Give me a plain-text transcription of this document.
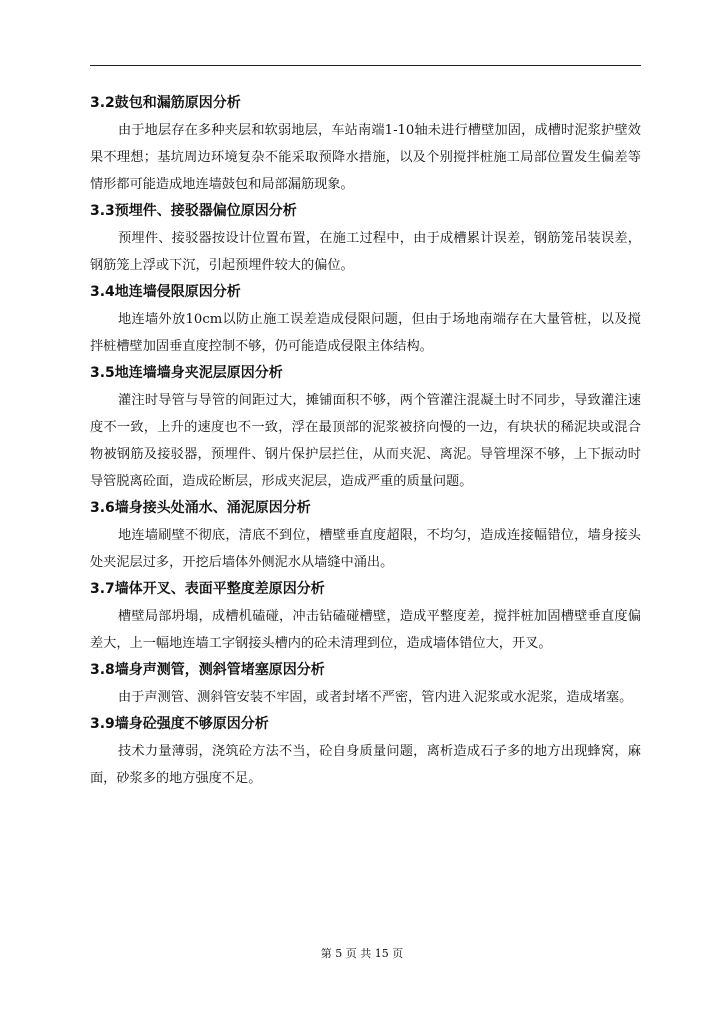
3.2鼓包和漏筋原因分析

由于地层存在多种夹层和软弱地层，车站南端1-10轴未进行槽壁加固，成槽时泥浆护壁效果不理想；基坑周边环境复杂不能采取预降水措施，以及个别搅拌桩施工局部位置发生偏差等情形都可能造成地连墙鼓包和局部漏筋现象。

3.3预埋件、接驳器偏位原因分析

预埋件、接驳器按设计位置布置，在施工过程中，由于成槽累计误差，钢筋笼吊装误差，钢筋笼上浮或下沉，引起预埋件较大的偏位。

3.4地连墙侵限原因分析

地连墙外放10cm以防止施工误差造成侵限问题，但由于场地南端存在大量管桩，以及搅拌桩槽壁加固垂直度控制不够，仍可能造成侵限主体结构。

3.5地连墙墙身夹泥层原因分析

灌注时导管与导管的间距过大，摊铺面积不够，两个管灌注混凝土时不同步，导致灌注速度不一致，上升的速度也不一致，浮在最顶部的泥浆被挤向慢的一边，有块状的稀泥块或混合物被钢筋及接驳器，预埋件、钢片保护层拦住，从而夹泥、离泥。导管埋深不够，上下振动时导管脱离砼面，造成砼断层，形成夹泥层，造成严重的质量问题。

3.6墙身接头处涌水、涌泥原因分析

地连墙刷壁不彻底，清底不到位，槽壁垂直度超限，不均匀，造成连接幅错位，墙身接头处夹泥层过多，开挖后墙体外侧泥水从墙缝中涌出。

3.7墙体开叉、表面平整度差原因分析

槽壁局部坍塌，成槽机磕碰，冲击钻磕碰槽壁，造成平整度差，搅拌桩加固槽壁垂直度偏差大，上一幅地连墙工字钢接头槽内的砼未清理到位，造成墙体错位大，开叉。

3.8墙身声测管，测斜管堵塞原因分析

由于声测管、测斜管安装不牢固，或者封堵不严密，管内进入泥浆或水泥浆，造成堵塞。

3.9墙身砼强度不够原因分析

技术力量薄弱，浇筑砼方法不当，砼自身质量问题，离析造成石子多的地方出现蜂窝，麻面，砂浆多的地方强度不足。

第 5 页 共 15 页
